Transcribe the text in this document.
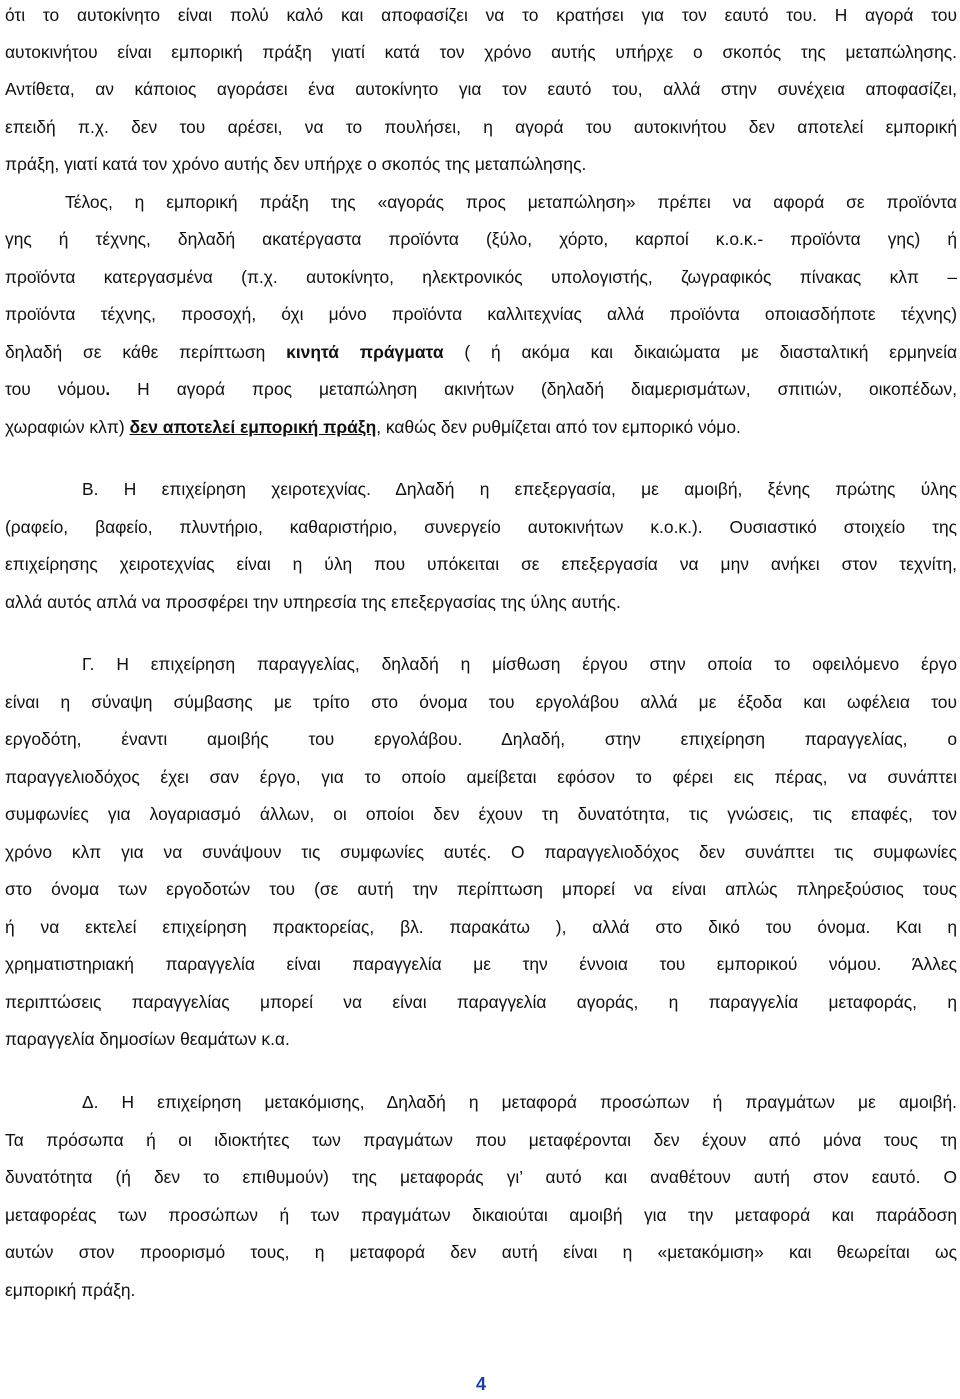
ότι το αυτοκίνητο είναι πολύ καλό και αποφασίζει να το κρατήσει για τον εαυτό του. Η αγορά του
αυτοκινήτου είναι εμπορική πράξη γιατί κατά τον χρόνο αυτής υπήρχε ο σκοπός της μεταπώλησης.
Αντίθετα, αν κάποιος αγοράσει ένα αυτοκίνητο για τον εαυτό του, αλλά στην συνέχεια αποφασίζει,
επειδή π.χ. δεν του αρέσει, να το πουλήσει, η αγορά του αυτοκινήτου δεν αποτελεί εμπορική
πράξη, γιατί κατά τον χρόνο αυτής δεν υπήρχε ο σκοπός της μεταπώλησης.
Τέλος, η εμπορική πράξη της «αγοράς προς μεταπώληση» πρέπει να αφορά σε προϊόντα
γης ή τέχνης, δηλαδή ακατέργαστα προϊόντα (ξύλο, χόρτο, καρποί κ.ο.κ.- προϊόντα γης) ή
προϊόντα κατεργασμένα (π.χ. αυτοκίνητο, ηλεκτρονικός υπολογιστής, ζωγραφικός πίνακας κλπ –
προϊόντα τέχνης, προσοχή, όχι μόνο προϊόντα καλλιτεχνίας αλλά προϊόντα οποιασδήποτε τέχνης)
δηλαδή σε κάθε περίπτωση κινητά πράγματα ( ή ακόμα και δικαιώματα με διασταλτική ερμηνεία
του νόμου. Η αγορά προς μεταπώληση ακινήτων (δηλαδή διαμερισμάτων, σπιτιών, οικοπέδων,
χωραφιών κλπ) δεν αποτελεί εμπορική πράξη, καθώς δεν ρυθμίζεται από τον εμπορικό νόμο.
Β. Η επιχείρηση χειροτεχνίας. Δηλαδή η επεξεργασία, με αμοιβή, ξένης πρώτης ύλης
(ραφείο, βαφείο, πλυντήριο, καθαριστήριο, συνεργείο αυτοκινήτων κ.ο.κ.). Ουσιαστικό στοιχείο της
επιχείρησης χειροτεχνίας είναι η ύλη που υπόκειται σε επεξεργασία να μην ανήκει στον τεχνίτη,
αλλά αυτός απλά να προσφέρει την υπηρεσία της επεξεργασίας της ύλης αυτής.
Γ. Η επιχείρηση παραγγελίας, δηλαδή η μίσθωση έργου στην οποία το οφειλόμενο έργο
είναι η σύναψη σύμβασης με τρίτο στο όνομα του εργολάβου αλλά με έξοδα και ωφέλεια του
εργοδότη, έναντι αμοιβής του εργολάβου. Δηλαδή, στην επιχείρηση παραγγελίας, ο
παραγγελιοδόχος έχει σαν έργο, για το οποίο αμείβεται εφόσον το φέρει εις πέρας, να συνάπτει
συμφωνίες για λογαριασμό άλλων, οι οποίοι δεν έχουν τη δυνατότητα, τις γνώσεις, τις επαφές, τον
χρόνο κλπ για να συνάψουν τις συμφωνίες αυτές. Ο παραγγελιοδόχος δεν συνάπτει τις συμφωνίες
στο όνομα των εργοδοτών του (σε αυτή την περίπτωση μπορεί να είναι απλώς πληρεξούσιος τους
ή να εκτελεί επιχείρηση πρακτορείας, βλ. παρακάτω ), αλλά στο δικό του όνομα. Και η
χρηματιστηριακή παραγγελία είναι παραγγελία με την έννοια του εμπορικού νόμου. Άλλες
περιπτώσεις παραγγελίας μπορεί να είναι παραγγελία αγοράς, η παραγγελία μεταφοράς, η
παραγγελία δημοσίων θεαμάτων κ.α.
Δ. Η επιχείρηση μετακόμισης, Δηλαδή η μεταφορά προσώπων ή πραγμάτων με αμοιβή.
Τα πρόσωπα ή οι ιδιοκτήτες των πραγμάτων που μεταφέρονται δεν έχουν από μόνα τους τη
δυνατότητα (ή δεν το επιθυμούν) της μεταφοράς γι’ αυτό και αναθέτουν αυτή στον εαυτό. Ο
μεταφορέας των προσώπων ή των πραγμάτων δικαιούται αμοιβή για την μεταφορά και παράδοση
αυτών στον προορισμό τους, η μεταφορά δεν αυτή είναι η «μετακόμιση» και θεωρείται ως
εμπορική πράξη.
4
